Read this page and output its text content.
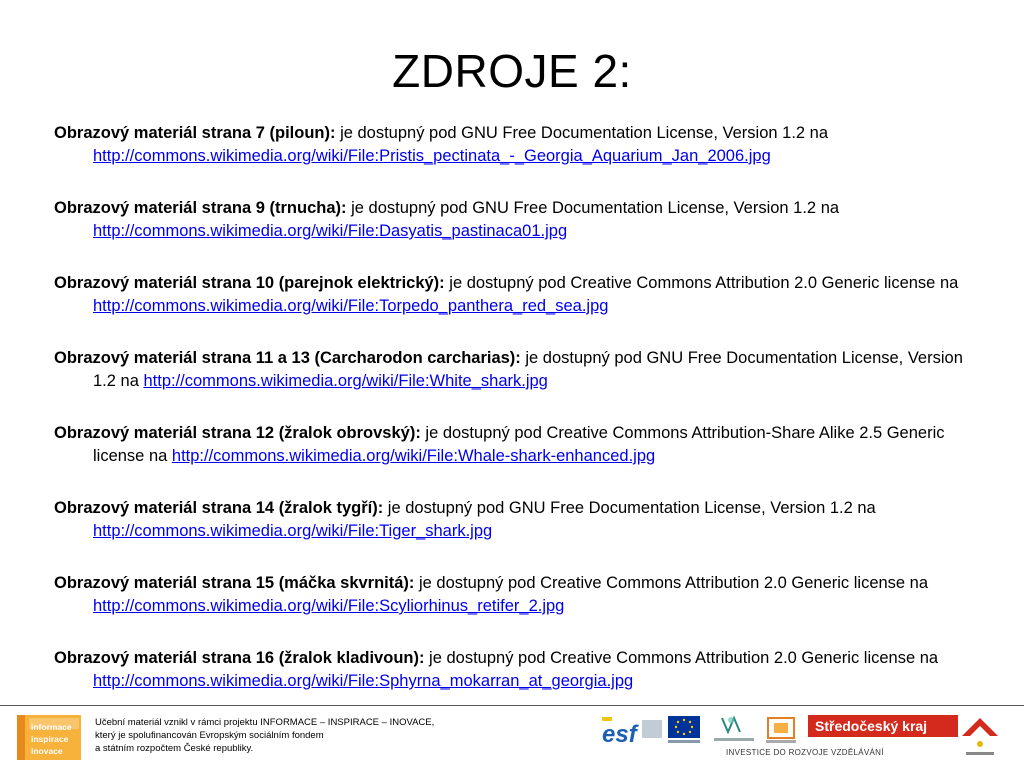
ZDROJE 2:

Obrazový materiál strana 7 (piloun): je dostupný pod GNU Free Documentation License, Version 1.2 na http://commons.wikimedia.org/wiki/File:Pristis_pectinata_-_Georgia_Aquarium_Jan_2006.jpg

Obrazový materiál strana 9 (trnucha): je dostupný pod GNU Free Documentation License, Version 1.2 na http://commons.wikimedia.org/wiki/File:Dasyatis_pastinaca01.jpg

Obrazový materiál strana 10 (parejnok elektrický): je dostupný pod Creative Commons Attribution 2.0 Generic license na http://commons.wikimedia.org/wiki/File:Torpedo_panthera_red_sea.jpg

Obrazový materiál strana 11 a 13 (Carcharodon carcharias): je dostupný pod GNU Free Documentation License, Version 1.2 na http://commons.wikimedia.org/wiki/File:White_shark.jpg

Obrazový materiál strana 12 (žralok obrovský): je dostupný pod Creative Commons Attribution-Share Alike 2.5 Generic license na http://commons.wikimedia.org/wiki/File:Whale-shark-enhanced.jpg

Obrazový materiál strana 14 (žralok tygří): je dostupný pod GNU Free Documentation License, Version 1.2 na http://commons.wikimedia.org/wiki/File:Tiger_shark.jpg

Obrazový materiál strana 15 (máčka skvrnitá): je dostupný pod Creative Commons Attribution 2.0 Generic license na http://commons.wikimedia.org/wiki/File:Scyliorhinus_retifer_2.jpg

Obrazový materiál strana 16 (žralok kladivoun): je dostupný pod Creative Commons Attribution 2.0 Generic license na http://commons.wikimedia.org/wiki/File:Sphyrna_mokarran_at_georgia.jpg

informace
inspirace
inovace
Učební materiál vznikl v rámci projektu INFORMACE – INSPIRACE – INOVACE,
který je spolufinancován Evropským sociálním fondem
a státním rozpočtem České republiky.
esf	Středočeský kraj
INVESTICE DO ROZVOJE VZDĚLÁVÁNÍ
